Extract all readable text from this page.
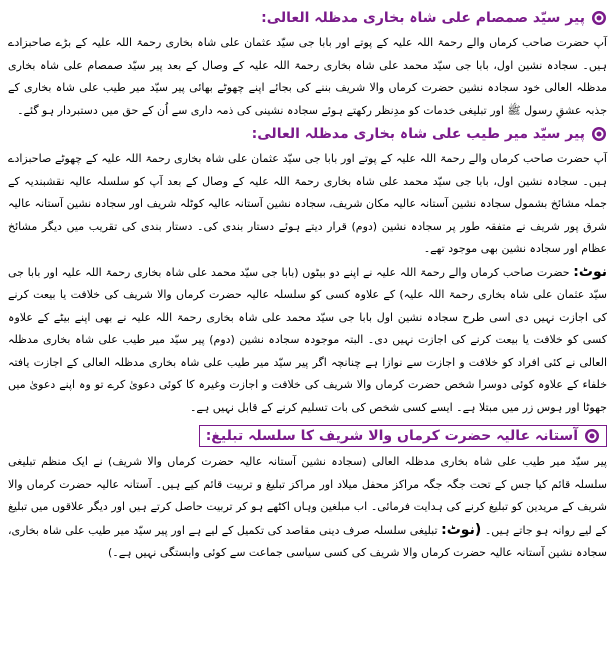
پیر سیّد صمصام علی شاہ بخاری مدظلہ العالی:

آپ حضرت صاحب کرماں والے رحمۃ اللہ علیہ کے پوتے اور بابا جی سیّد عثمان علی شاہ بخاری رحمۃ اللہ علیہ کے بڑے صاحبزادے ہیں۔ سجادہ نشین اول، بابا جی سیّد محمد علی شاہ بخاری رحمۃ اللہ علیہ کے وصال کے بعد پیر سیّد صمصام علی شاہ بخاری مدظلہ العالی خود سجادہ نشین حضرت کرماں والا شریف بننے کی بجائے اپنے چھوٹے بھائی پیر سیّد میر طیب علی شاہ بخاری کے جذبہ عشقِ رسول ﷺ اور تبلیغی خدمات کو مدِنظر رکھتے ہوئے سجادہ نشینی کی ذمہ داری سے اُن کے حق میں دستبردار ہو گئے۔

پیر سیّد میر طیب علی شاہ بخاری مدظلہ العالی:

آپ حضرت صاحب کرماں والے رحمۃ اللہ علیہ کے پوتے اور بابا جی سیّد عثمان علی شاہ بخاری رحمۃ اللہ علیہ کے چھوٹے صاحبزادے ہیں۔ سجادہ نشین اول، بابا جی سیّد محمد علی شاہ بخاری رحمۃ اللہ علیہ کے وصال کے بعد آپ کو سلسلہ عالیہ نقشبندیہ کے جملہ مشائخ بشمول سجادہ نشین آستانہ عالیہ مکان شریف، سجادہ نشین آستانہ عالیہ کوٹلہ شریف اور سجادہ نشین آستانہ عالیہ شرق پور شریف نے متفقہ طور پر سجادہ نشین (دوم) قرار دیتے ہوئے دستار بندی کی۔ دستار بندی کی تقریب میں دیگر مشائخ عظام اور سجادہ نشین بھی موجود تھے۔

نوٹ: حضرت صاحب کرماں والے رحمۃ اللہ علیہ نے اپنے دو بیٹوں (بابا جی سیّد محمد علی شاہ بخاری رحمۃ اللہ علیہ اور بابا جی سیّد عثمان علی شاہ بخاری رحمۃ اللہ علیہ) کے علاوہ کسی کو سلسلہ عالیہ حضرت کرماں والا شریف کی خلافت یا بیعت کرنے کی اجازت نہیں دی اسی طرح سجادہ نشین اول بابا جی سیّد محمد علی شاہ بخاری رحمۃ اللہ علیہ نے بھی اپنے بیٹے کے علاوہ کسی کو خلافت یا بیعت کرنے کی اجازت نہیں دی۔ البتہ موجودہ سجادہ نشین (دوم) پیر سیّد میر طیب علی شاہ بخاری مدظلہ العالی نے کئی افراد کو خلافت و اجازت سے نوازا ہے چنانچہ اگر پیر سیّد میر طیب علی شاہ بخاری مدظلہ العالی کے اجازت یافتہ خلفاء کے علاوہ کوئی دوسرا شخص حضرت کرماں والا شریف کی خلافت و اجازت وغیرہ کا کوئی دعویٰ کرے تو وہ اپنے دعویٰ میں جھوٹا اور ہوس زر میں مبتلا ہے۔ ایسے کسی شخص کی بات تسلیم کرنے کے قابل نہیں ہے۔

آستانہ عالیہ حضرت کرماں والا شریف کا سلسلہ تبلیغ:

پیر سیّد میر طیب علی شاہ بخاری مدظلہ العالی (سجادہ نشین آستانہ عالیہ حضرت کرماں والا شریف) نے ایک منظم تبلیغی سلسلہ قائم کیا جس کے تحت جگہ جگہ مراکز محفل میلاد اور مراکز تبلیغ و تربیت قائم کیے ہیں۔ آستانہ عالیہ حضرت کرماں والا شریف کے مریدین کو تبلیغ کرنے کی ہدایت فرمائی۔ اب مبلغین وہاں اکٹھے ہو کر تربیت حاصل کرتے ہیں اور دیگر علاقوں میں تبلیغ کے لیے روانہ ہو جاتے ہیں۔ (نوٹ: تبلیغی سلسلہ صرف دینی مقاصد کی تکمیل کے لیے ہے اور پیر سیّد میر طیب علی شاہ بخاری، سجادہ نشین آستانہ عالیہ حضرت کرماں والا شریف کی کسی سیاسی جماعت سے کوئی وابستگی نہیں ہے۔)
